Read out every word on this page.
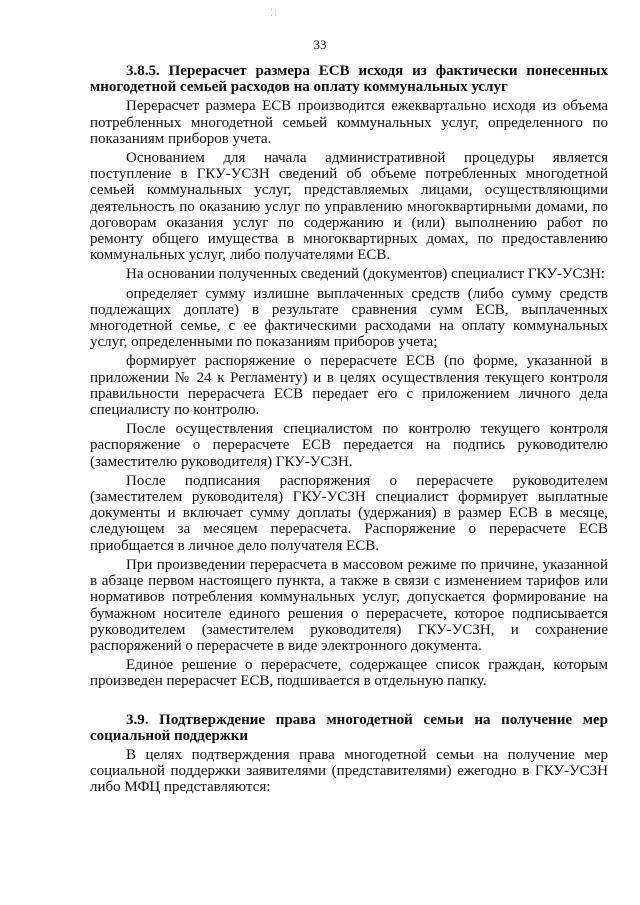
⁚⁝
33

3.8.5. Перерасчет размера ЕСВ исходя из фактически понесенных многодетной семьей расходов на оплату коммунальных услуг

Перерасчет размера ЕСВ производится ежеквартально исходя из объема потребленных многодетной семьей коммунальных услуг, определенного по показаниям приборов учета.

Основанием для начала административной процедуры является поступление в ГКУ-УСЗН сведений об объеме потребленных многодетной семьей коммунальных услуг, представляемых лицами, осуществляющими деятельность по оказанию услуг по управлению многоквартирными домами, по договорам оказания услуг по содержанию и (или) выполнению работ по ремонту общего имущества в многоквартирных домах, по предоставлению коммунальных услуг, либо получателями ЕСВ.

На основании полученных сведений (документов) специалист ГКУ-УСЗН:

определяет сумму излишне выплаченных средств (либо сумму средств подлежащих доплате) в результате сравнения сумм ЕСВ, выплаченных многодетной семье, с ее фактическими расходами на оплату коммунальных услуг, определенными по показаниям приборов учета;

формирует распоряжение о перерасчете ЕСВ (по форме, указанной в приложении № 24 к Регламенту) и в целях осуществления текущего контроля правильности перерасчета ЕСВ передает его с приложением личного дела специалисту по контролю.

После осуществления специалистом по контролю текущего контроля распоряжение о перерасчете ЕСВ передается на подпись руководителю (заместителю руководителя) ГКУ-УСЗН.

После подписания распоряжения о перерасчете руководителем (заместителем руководителя) ГКУ-УСЗН специалист формирует выплатные документы и включает сумму доплаты (удержания) в размер ЕСВ в месяце, следующем за месяцем перерасчета. Распоряжение о перерасчете ЕСВ приобщается в личное дело получателя ЕСВ.

При произведении перерасчета в массовом режиме по причине, указанной в абзаце первом настоящего пункта, а также в связи с изменением тарифов или нормативов потребления коммунальных услуг, допускается формирование на бумажном носителе единого решения о перерасчете, которое подписывается руководителем (заместителем руководителя) ГКУ-УСЗН, и сохранение распоряжений о перерасчете в виде электронного документа.

Единое решение о перерасчете, содержащее список граждан, которым произведен перерасчет ЕСВ, подшивается в отдельную папку.

3.9. Подтверждение права многодетной семьи на получение мер социальной поддержки

В целях подтверждения права многодетной семьи на получение мер социальной поддержки заявителями (представителями) ежегодно в ГКУ-УСЗН либо МФЦ представляются:
